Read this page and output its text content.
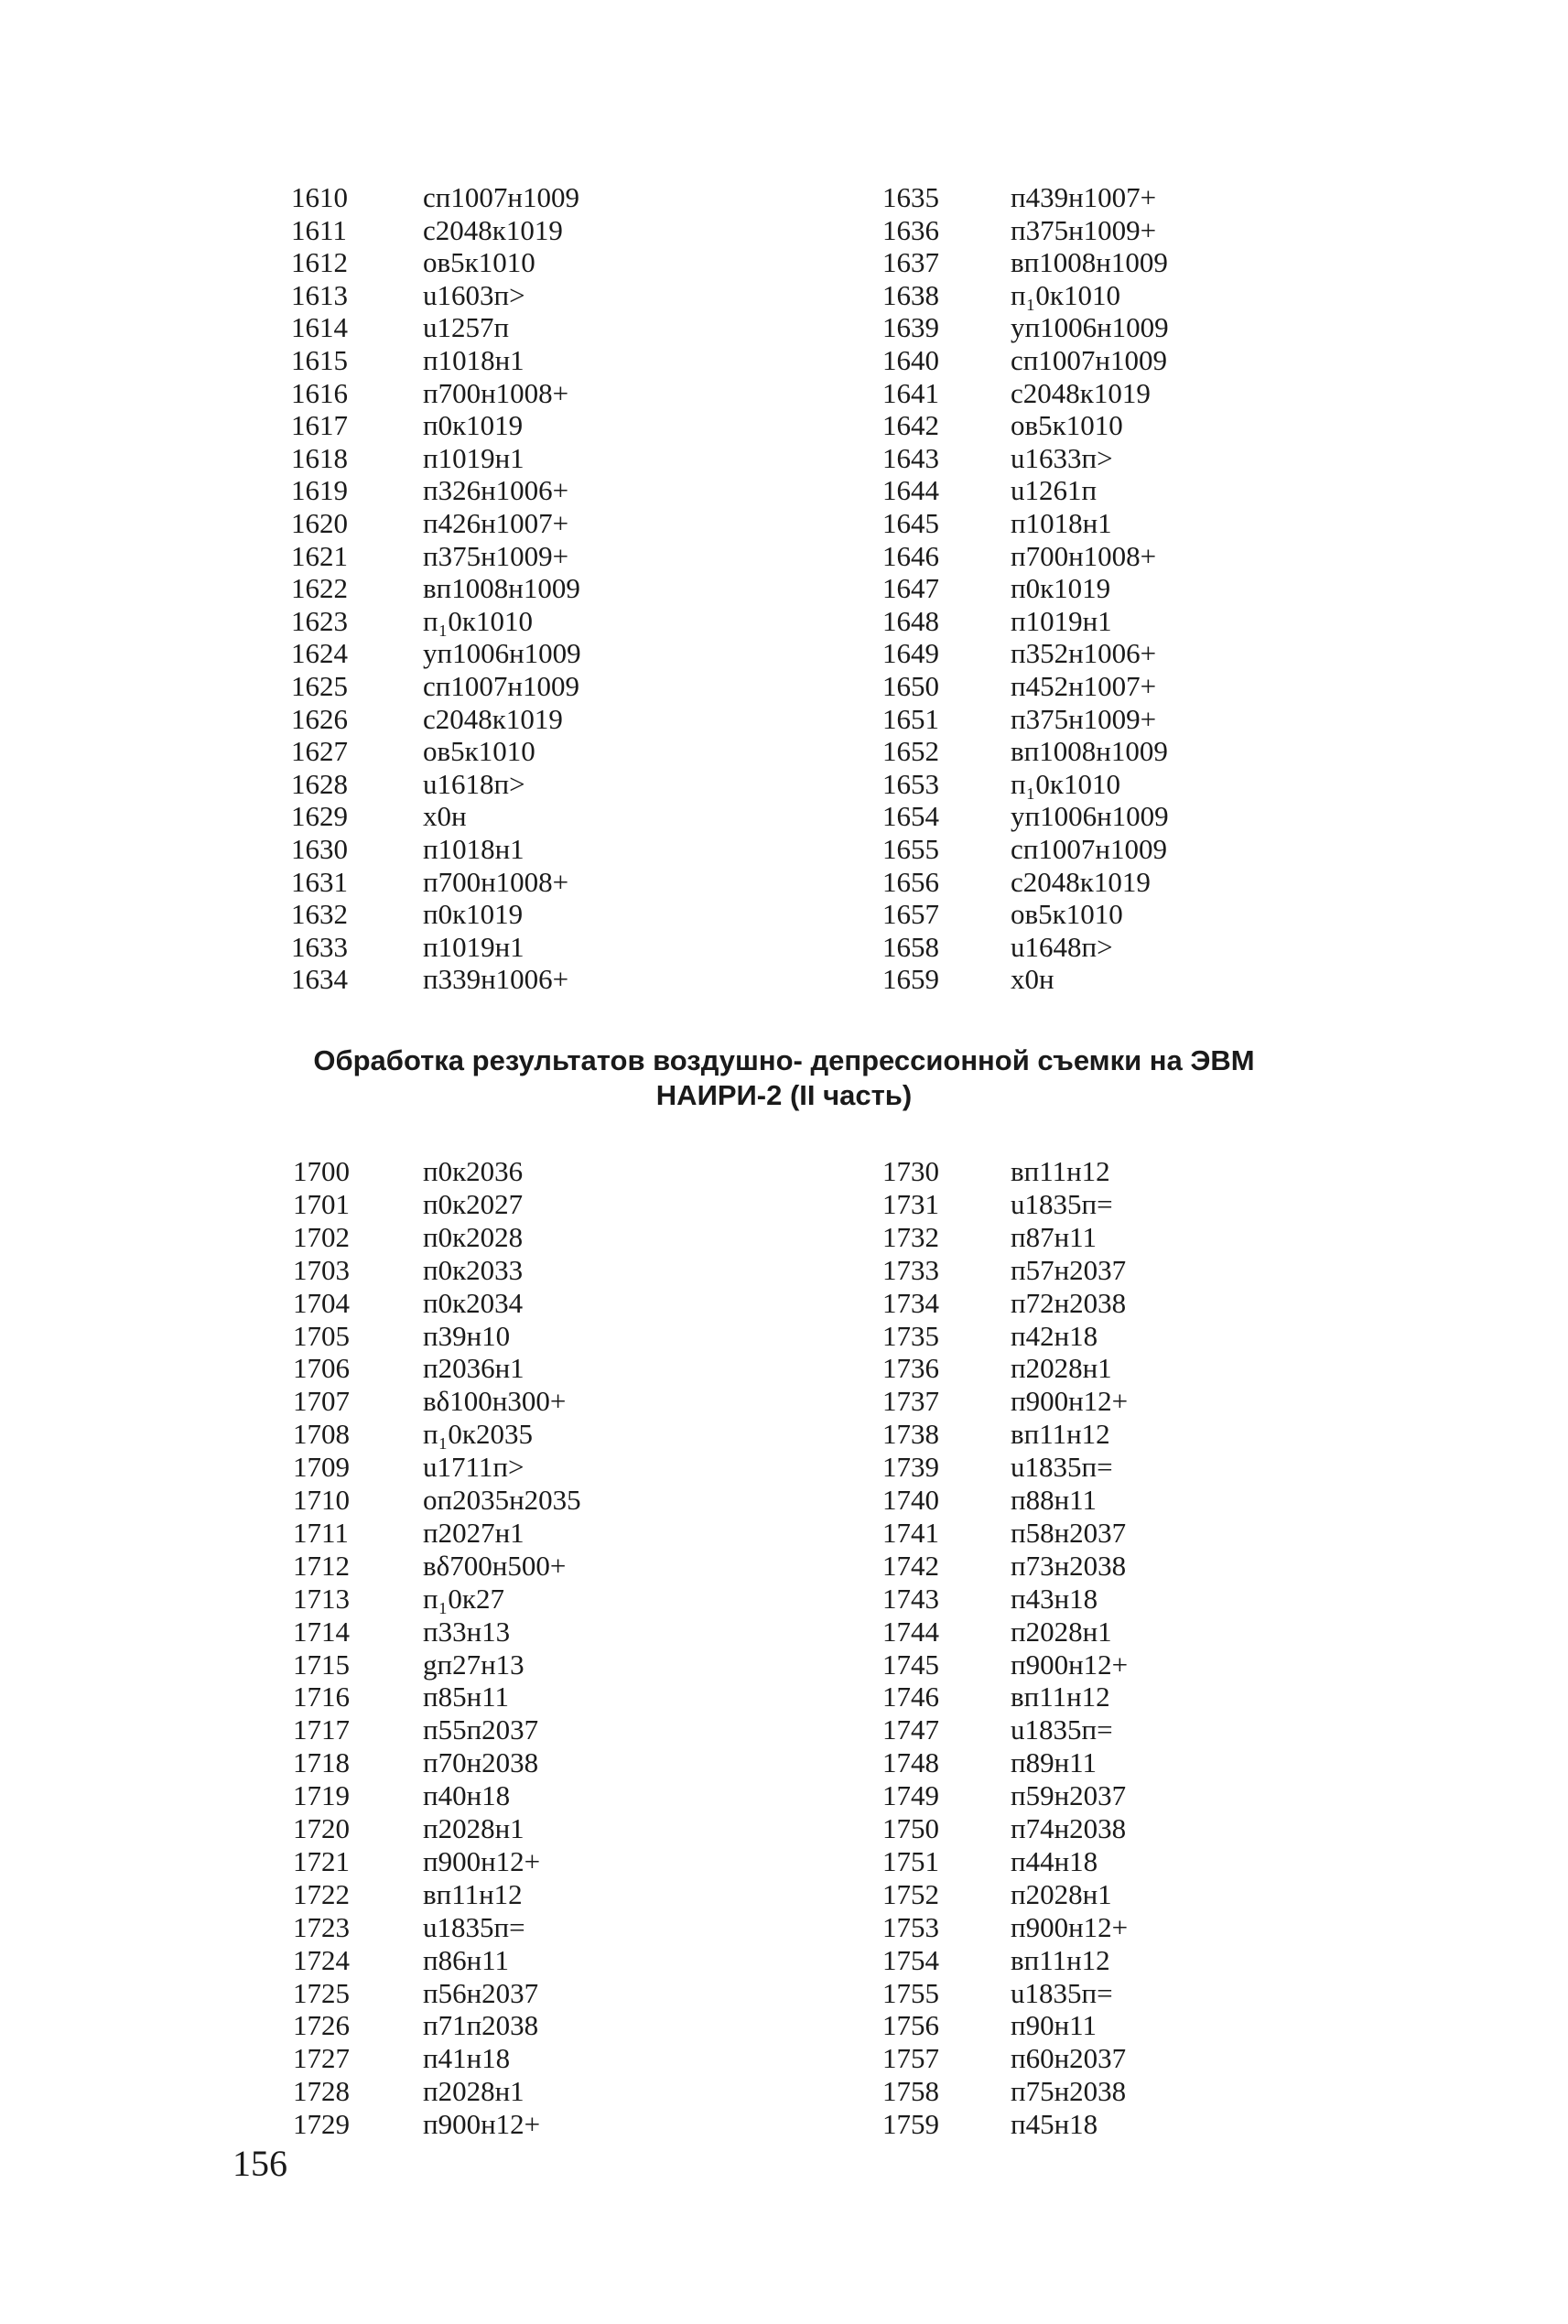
1610	сп1007н1009
1611	с2048к1019
1612	ов5к1010
1613	u1603п>
1614	u1257п
1615	п1018н1
1616	п700н1008+
1617	п0к1019
1618	п1019н1
1619	п326н1006+
1620	п426н1007+
1621	п375н1009+
1622	вп1008н1009
1623	п₁0к1010
1624	уп1006н1009
1625	сп1007н1009
1626	с2048к1019
1627	ов5к1010
1628	u1618п>
1629	х0н
1630	п1018н1
1631	п700н1008+
1632	п0к1019
1633	п1019н1
1634	п339н1006+
1635	п439н1007+
1636	п375н1009+
1637	вп1008н1009
1638	п₁0к1010
1639	уп1006н1009
1640	сп1007н1009
1641	с2048к1019
1642	ов5к1010
1643	u1633п>
1644	u1261п
1645	п1018н1
1646	п700н1008+
1647	п0к1019
1648	п1019н1
1649	п352н1006+
1650	п452н1007+
1651	п375н1009+
1652	вп1008н1009
1653	п₁0к1010
1654	уп1006н1009
1655	сп1007н1009
1656	с2048к1019
1657	ов5к1010
1658	u1648п>
1659	х0н
Обработка результатов воздушно- депрессионной съемки на ЭВМ
НАИРИ-2 (II часть)
1700	п0к2036
1701	п0к2027
1702	п0к2028
1703	п0к2033
1704	п0к2034
1705	п39н10
1706	п2036н1
1707	вδ100н300+
1708	п₁0к2035
1709	u1711п>
1710	оп2035н2035
1711	п2027н1
1712	вδ700н500+
1713	п₁0к27
1714	п33н13
1715	gп27н13
1716	п85н11
1717	п55п2037
1718	п70н2038
1719	п40н18
1720	п2028н1
1721	п900н12+
1722	вп11н12
1723	u1835п=
1724	п86н11
1725	п56н2037
1726	п71п2038
1727	п41н18
1728	п2028н1
1729	п900н12+
1730	вп11н12
1731	u1835п=
1732	п87н11
1733	п57н2037
1734	п72н2038
1735	п42н18
1736	п2028н1
1737	п900н12+
1738	вп11н12
1739	u1835п=
1740	п88н11
1741	п58н2037
1742	п73н2038
1743	п43н18
1744	п2028н1
1745	п900н12+
1746	вп11н12
1747	u1835п=
1748	п89н11
1749	п59н2037
1750	п74н2038
1751	п44н18
1752	п2028н1
1753	п900н12+
1754	вп11н12
1755	u1835п=
1756	п90н11
1757	п60н2037
1758	п75н2038
1759	п45н18
156
